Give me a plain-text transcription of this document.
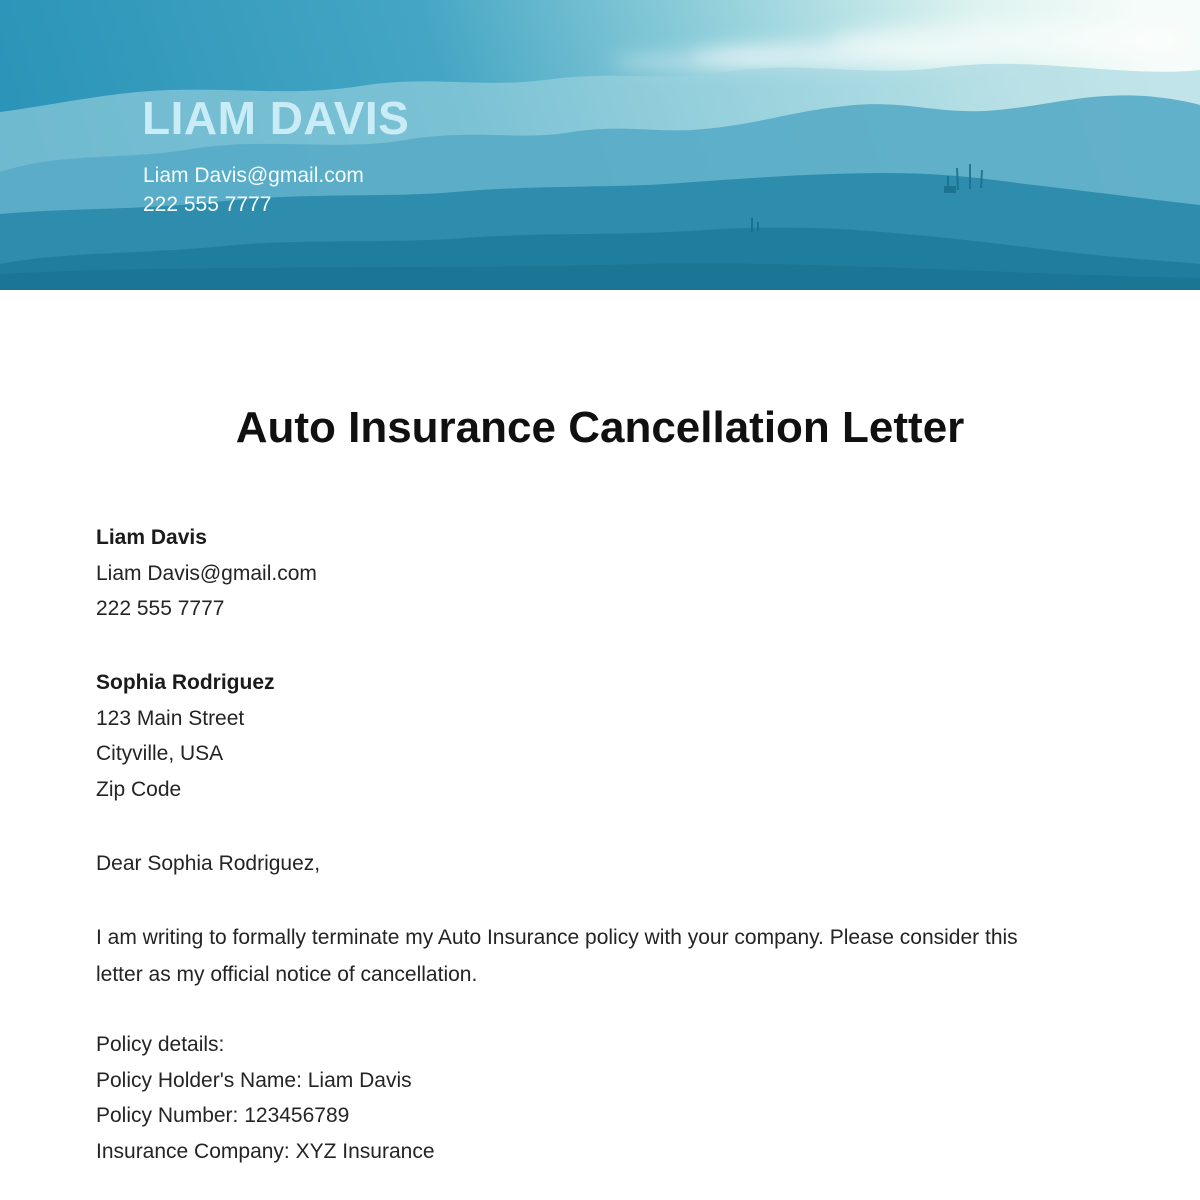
LIAM DAVIS
Liam Davis@gmail.com
222 555 7777
Auto Insurance Cancellation Letter

Liam Davis

Liam Davis@gmail.com

222 555 7777

Sophia Rodriguez

123 Main Street

Cityville, USA

Zip Code

Dear Sophia Rodriguez,

I am writing to formally terminate my Auto Insurance policy with your company. Please consider this letter as my official notice of cancellation.

Policy details:

Policy Holder's Name: Liam Davis

Policy Number: 123456789

Insurance Company: XYZ Insurance
